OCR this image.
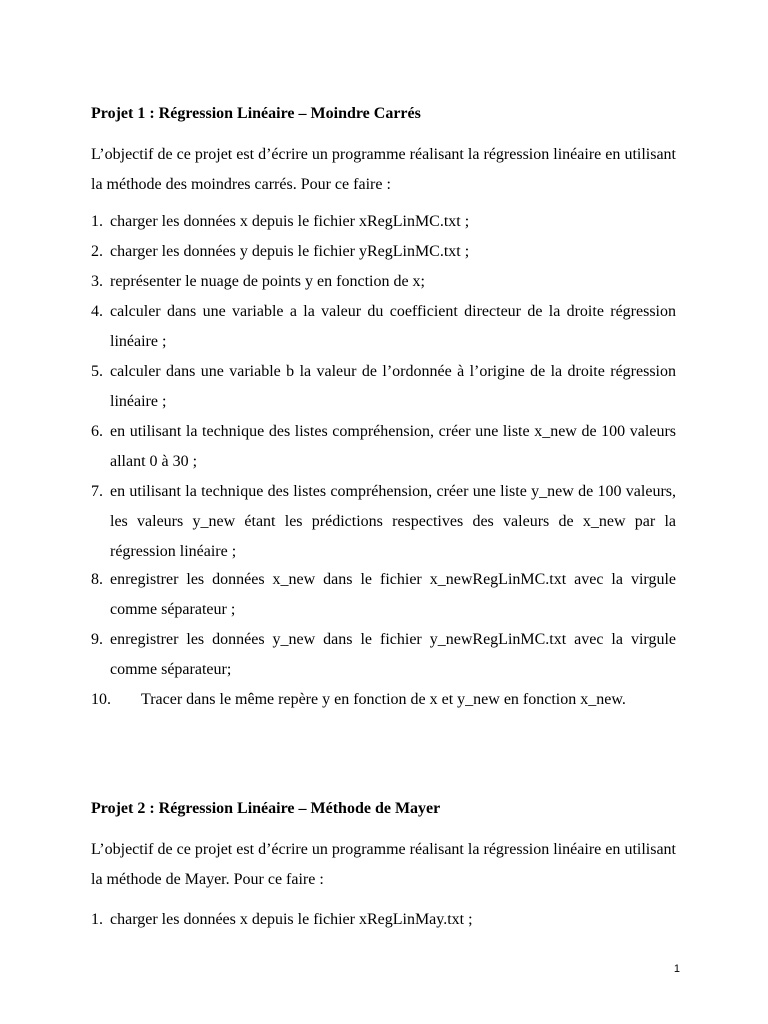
Projet 1 : Régression Linéaire – Moindre Carrés
L’objectif de ce projet est d’écrire un programme réalisant la régression linéaire en utilisant la méthode des moindres carrés. Pour ce faire :
1. charger les données x depuis le fichier xRegLinMC.txt ;
2. charger les données y depuis le fichier yRegLinMC.txt ;
3. représenter le nuage de points y en fonction de x;
4. calculer dans une variable a la valeur du coefficient directeur de la droite régression linéaire ;
5. calculer dans une variable b la valeur de l’ordonnée à l’origine de la droite régression linéaire ;
6. en utilisant la technique des listes compréhension, créer une liste x_new de 100 valeurs allant 0 à 30 ;
7. en utilisant la technique des listes compréhension, créer une liste y_new de 100 valeurs, les valeurs y_new étant les prédictions respectives des valeurs de x_new par la régression linéaire ;
8. enregistrer les données x_new dans le fichier x_newRegLinMC.txt avec la virgule comme séparateur ;
9. enregistrer les données y_new dans le fichier y_newRegLinMC.txt avec la virgule comme séparateur;
10. Tracer dans le même repère y en fonction de x et y_new en fonction x_new.
Projet 2 : Régression Linéaire – Méthode de Mayer
L’objectif de ce projet est d’écrire un programme réalisant la régression linéaire en utilisant la méthode de Mayer. Pour ce faire :
1. charger les données x depuis le fichier xRegLinMay.txt ;
1
